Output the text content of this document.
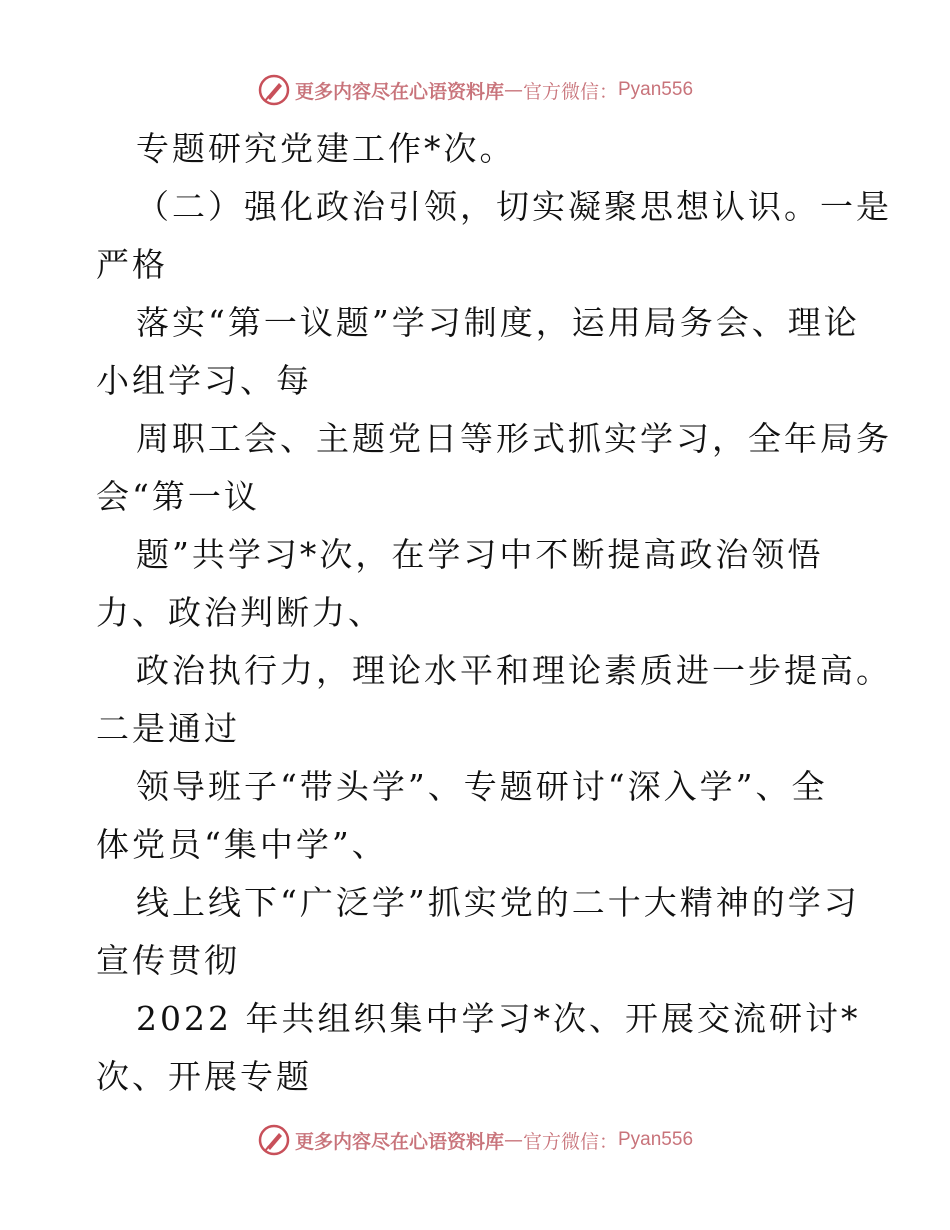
更多内容尽在心语资料库 — 官方微信： Pyan556
专题研究党建工作*次。
（二）强化政治引领，切实凝聚思想认识。一是
严格
落实“第一议题”学习制度，运用局务会、理论
小组学习、每
周职工会、主题党日等形式抓实学习，全年局务
会“第一议
题”共学习*次，在学习中不断提高政治领悟
力、政治判断力、
政治执行力，理论水平和理论素质进一步提高。
二是通过
领导班子“带头学”、专题研讨“深入学”、全
体党员“集中学”、
线上线下“广泛学”抓实党的二十大精神的学习
宣传贯彻
2022 年共组织集中学习*次、开展交流研讨*
次、开展专题
更多内容尽在心语资料库 — 官方微信： Pyan556
